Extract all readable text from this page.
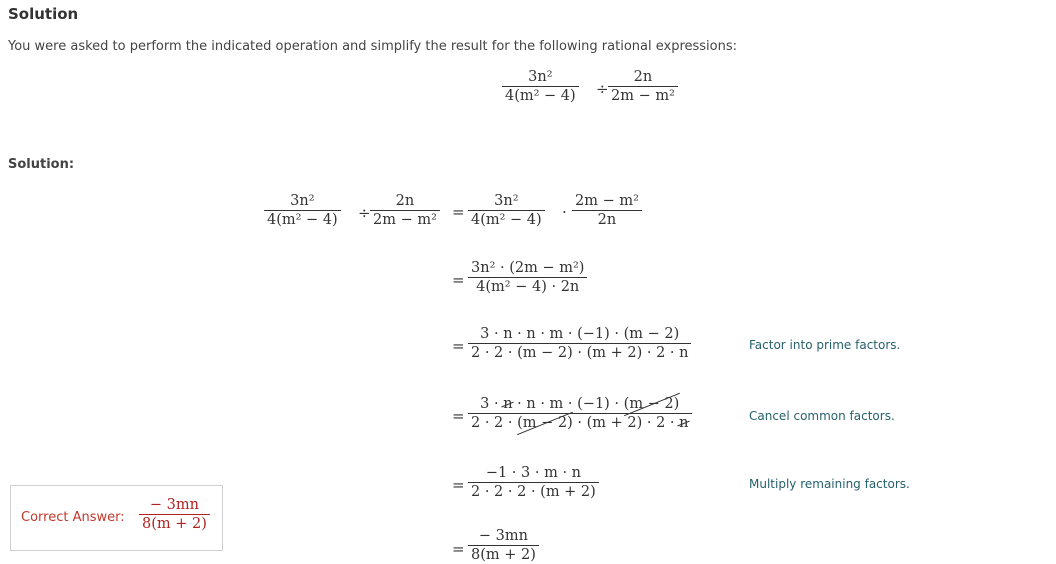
Solution
You were asked to perform the indicated operation and simplify the result for the following rational expressions:
$\frac{\text{3n²}}{\text{4(m² − 4)}} \div \frac{2n}{\text{2m − m²}}$
Solution:
$\frac{\text{3n²}}{\text{4(m² − 4)}} \div \frac{2n}{\text{2m − m²}} = \frac{\text{3n²}}{\text{4(m² − 4)}} \cdot \frac{\text{2m − m²}}{2n}$
= $\frac{\text{3n² · (2m − m²)}}{\text{4(m² − 4) · 2n}}$
= $\frac{3 \cdot n \cdot n \cdot m \cdot (-1) \cdot (m - 2)}{2 \cdot 2 \cdot (m - 2) \cdot (m + 2) \cdot 2 \cdot n}$	Factor into prime factors.
= $\frac{3 \cdot n \cdot n \cdot m \cdot (-1) \cdot (m - 2)}{2 \cdot 2 \cdot (m - 2) \cdot (m + 2) \cdot 2 \cdot n}$	Cancel common factors.
= $\frac{-1 \cdot 3 \cdot m \cdot n}{2 \cdot 2 \cdot 2 \cdot (m + 2)}$	Multiply remaining factors.
= $\frac{- 3mn}{8(m + 2)}$
Correct Answer: $\frac{- 3mn}{8(m + 2)}$
